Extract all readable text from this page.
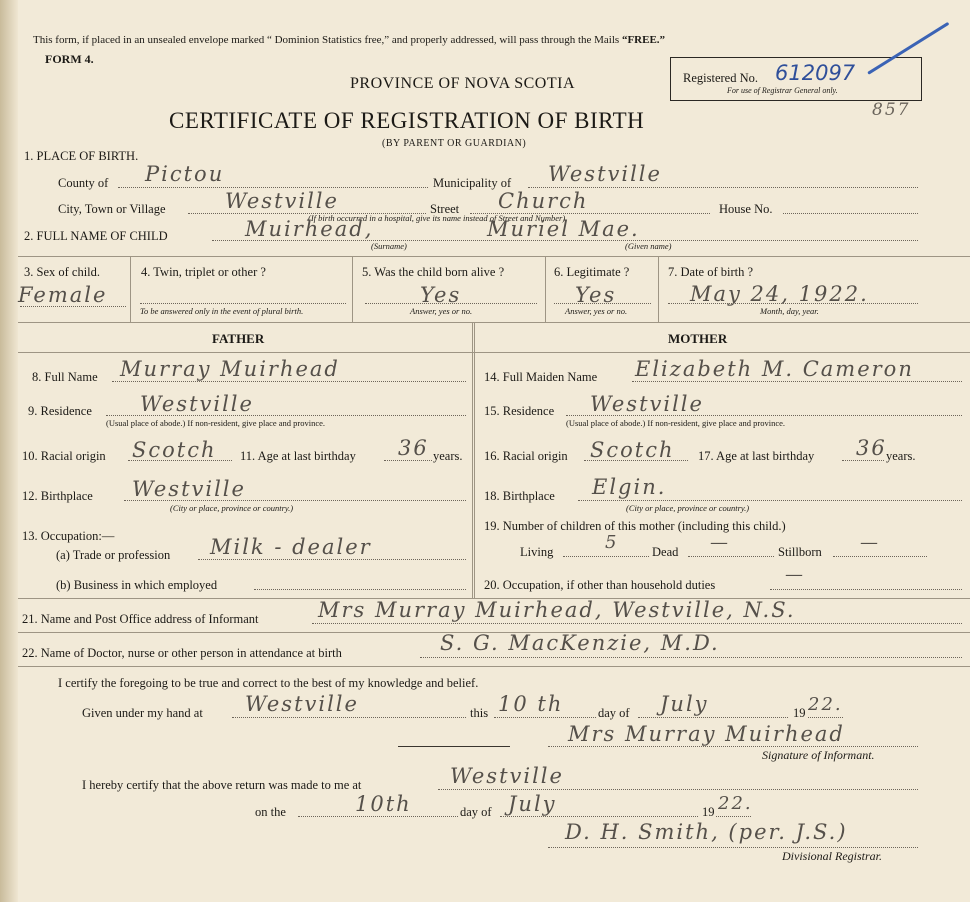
This form, if placed in an unsealed envelope marked “ Dominion Statistics free,” and properly addressed, will pass through the Mails “FREE.”
FORM 4.
PROVINCE OF NOVA SCOTIA
CERTIFICATE OF REGISTRATION OF BIRTH
(BY PARENT OR GUARDIAN)
Registered No. 612097
For use of Registrar General only.
857
1. PLACE OF BIRTH.
County of Pictou	Municipality of Westville
City, Town or Village	Westville	Street Church	House No.
(If birth occurred in a hospital, give its name instead of Street and Number)
2. FULL NAME OF CHILD	Muirhead,	Muriel Mae.
(Surname)	(Given name)
3. Sex of child.
Female
4. Twin, triplet or other ?
To be answered only in the event of plural birth.
5. Was the child born alive ?
Yes
Answer, yes or no.
6. Legitimate ?
Yes
Answer, yes or no.
7. Date of birth ?
May 24, 1922.
Month, day, year.
FATHER	MOTHER
8. Full Name Murray Muirhead
9. Residence Westville
(Usual place of abode.) If non-resident, give place and province.
10. Racial origin Scotch 11. Age at last birthday 36 years.
12. Birthplace Westville
(City or place, province or country.)
13. Occupation:—
(a) Trade or profession Milk - dealer
(b) Business in which employed
14. Full Maiden Name Elizabeth M. Cameron
15. Residence Westville
(Usual place of abode.) If non-resident, give place and province.
16. Racial origin Scotch 17. Age at last birthday 36 years.
18. Birthplace Elgin.
(City or place, province or country.)
19. Number of children of this mother (including this child.)
Living	5	Dead —	Stillborn —
20. Occupation, if other than household duties	—
21. Name and Post Office address of Informant	Mrs Murray Muirhead, Westville, N.S.
22. Name of Doctor, nurse or other person in attendance at birth	S. G. MacKenzie, M.D.
I certify the foregoing to be true and correct to the best of my knowledge and belief.
Given under my hand at Westville	this 10 th	day of July	19 22.
Mrs Murray Muirhead
Signature of Informant.
I hereby certify that the above return was made to me at	Westville
on the	10th	day of July	19 22.
D. H. Smith, (per. J.S.)
Divisional Registrar.
